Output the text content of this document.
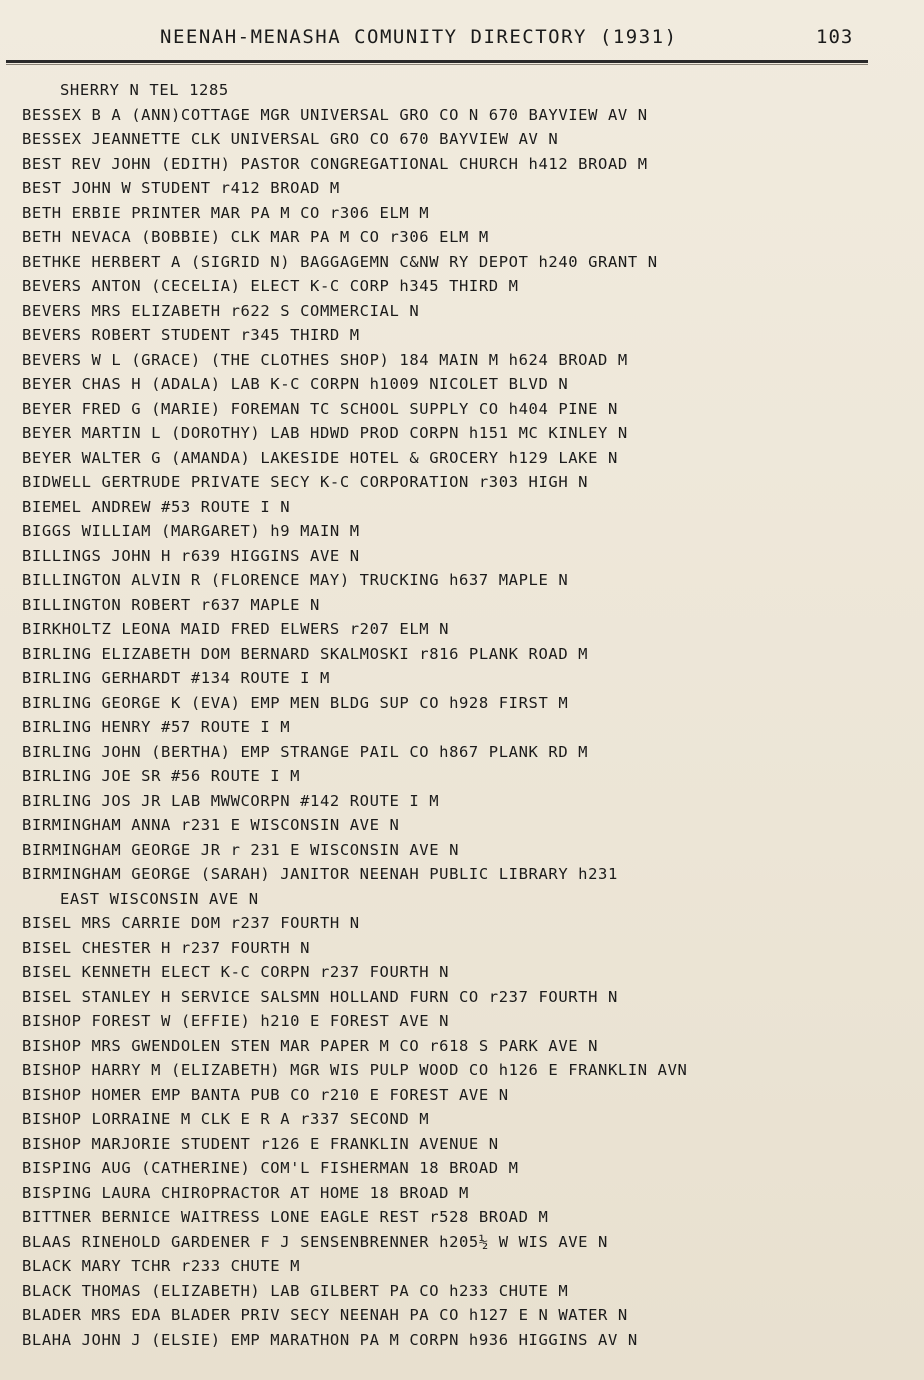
NEENAH-MENASHA COMUNITY DIRECTORY (1931)	103
SHERRY N TEL 1285
BESSEX B A (ANN)COTTAGE MGR UNIVERSAL GRO CO N 670 BAYVIEW AV N
BESSEX JEANNETTE CLK UNIVERSAL GRO CO 670 BAYVIEW AV N
BEST REV JOHN (EDITH) PASTOR CONGREGATIONAL CHURCH h412 BROAD M
BEST JOHN W STUDENT r412 BROAD M
BETH ERBIE PRINTER MAR PA M CO r306 ELM M
BETH NEVACA (BOBBIE) CLK MAR PA M CO r306 ELM M
BETHKE HERBERT A (SIGRID N) BAGGAGEMN C&NW RY DEPOT h240 GRANT N
BEVERS ANTON (CECELIA) ELECT K-C CORP h345 THIRD M
BEVERS MRS ELIZABETH r622 S COMMERCIAL N
BEVERS ROBERT STUDENT r345 THIRD M
BEVERS W L (GRACE) (THE CLOTHES SHOP) 184 MAIN M h624 BROAD M
BEYER CHAS H (ADALA) LAB K-C CORPN h1009 NICOLET BLVD N
BEYER FRED G (MARIE) FOREMAN TC SCHOOL SUPPLY CO h404 PINE N
BEYER MARTIN L (DOROTHY) LAB HDWD PROD CORPN h151 MC KINLEY N
BEYER WALTER G (AMANDA) LAKESIDE HOTEL & GROCERY h129 LAKE N
BIDWELL GERTRUDE PRIVATE SECY K-C CORPORATION r303 HIGH N
BIEMEL ANDREW #53 ROUTE I N
BIGGS WILLIAM (MARGARET) h9 MAIN M
BILLINGS JOHN H r639 HIGGINS AVE N
BILLINGTON ALVIN R (FLORENCE MAY) TRUCKING h637 MAPLE N
BILLINGTON ROBERT r637 MAPLE N
BIRKHOLTZ LEONA MAID FRED ELWERS r207 ELM N
BIRLING ELIZABETH DOM BERNARD SKALMOSKI r816 PLANK ROAD M
BIRLING GERHARDT #134 ROUTE I M
BIRLING GEORGE K (EVA) EMP MEN BLDG SUP CO h928 FIRST M
BIRLING HENRY #57 ROUTE I M
BIRLING JOHN (BERTHA) EMP STRANGE PAIL CO h867 PLANK RD M
BIRLING JOE SR #56 ROUTE I M
BIRLING JOS JR LAB MWWCORPN #142 ROUTE I M
BIRMINGHAM ANNA r231 E WISCONSIN AVE N
BIRMINGHAM GEORGE JR r 231 E WISCONSIN AVE N
BIRMINGHAM GEORGE (SARAH) JANITOR NEENAH PUBLIC LIBRARY h231
EAST WISCONSIN AVE N
BISEL MRS CARRIE DOM r237 FOURTH N
BISEL CHESTER H r237 FOURTH N
BISEL KENNETH ELECT K-C CORPN r237 FOURTH N
BISEL STANLEY H SERVICE SALSMN HOLLAND FURN CO r237 FOURTH N
BISHOP FOREST W (EFFIE) h210 E FOREST AVE N
BISHOP MRS GWENDOLEN STEN MAR PAPER M CO r618 S PARK AVE N
BISHOP HARRY M (ELIZABETH) MGR WIS PULP WOOD CO h126 E FRANKLIN AVN
BISHOP HOMER EMP BANTA PUB CO r210 E FOREST AVE N
BISHOP LORRAINE M CLK E R A r337 SECOND M
BISHOP MARJORIE STUDENT r126 E FRANKLIN AVENUE N
BISPING AUG (CATHERINE) COM'L FISHERMAN 18 BROAD M
BISPING LAURA CHIROPRACTOR AT HOME 18 BROAD M
BITTNER BERNICE WAITRESS LONE EAGLE REST r528 BROAD M
BLAAS RINEHOLD GARDENER F J SENSENBRENNER h205½ W WIS AVE N
BLACK MARY TCHR r233 CHUTE M
BLACK THOMAS (ELIZABETH) LAB GILBERT PA CO h233 CHUTE M
BLADER MRS EDA BLADER PRIV SECY NEENAH PA CO h127 E N WATER N
BLAHA JOHN J (ELSIE) EMP MARATHON PA M CORPN h936 HIGGINS AV N
